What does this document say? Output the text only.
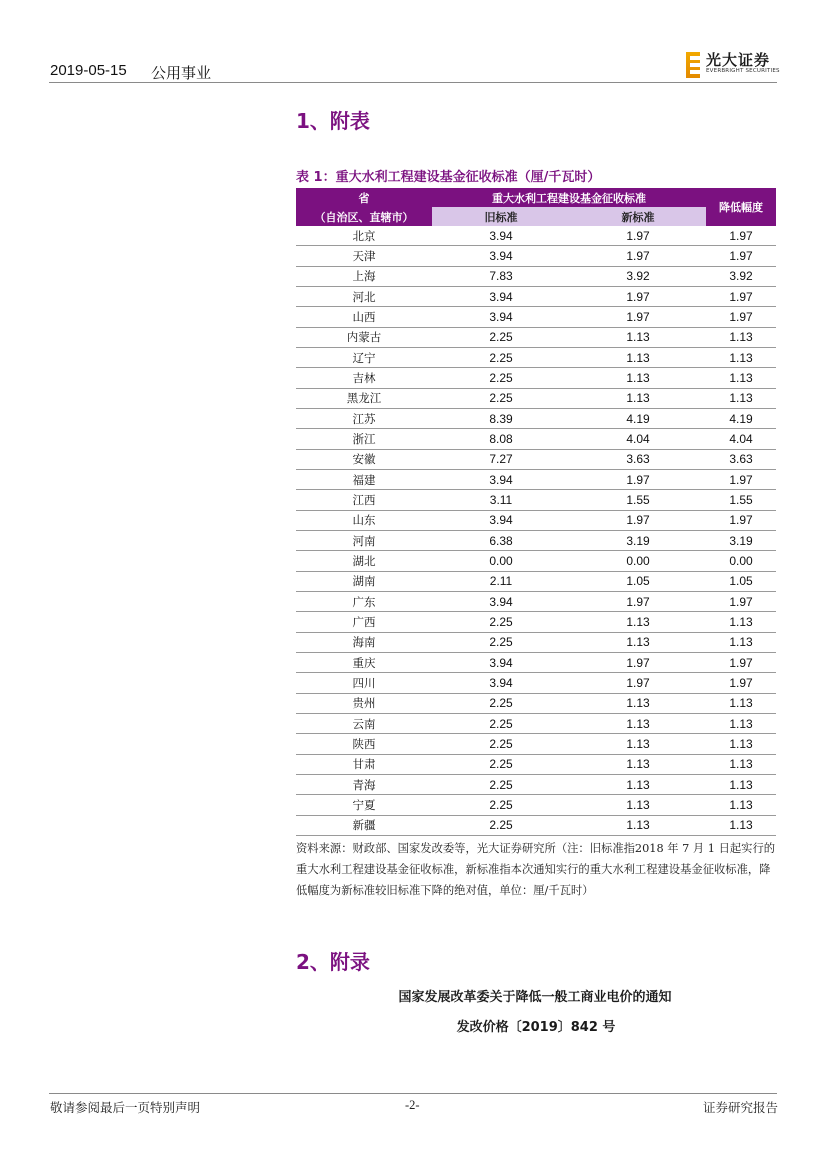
2019-05-15 公用事业
光大证券
EVERBRIGHT SECURITIES
1、附表
表 1：重大水利工程建设基金征收标准（厘/千瓦时）
省	重大水利工程建设基金征收标准		降低幅度
（自治区、直辖市）	旧标准	新标准	
北京	3.94	1.97	1.97
天津	3.94	1.97	1.97
上海	7.83	3.92	3.92
河北	3.94	1.97	1.97
山西	3.94	1.97	1.97
内蒙古	2.25	1.13	1.13
辽宁	2.25	1.13	1.13
吉林	2.25	1.13	1.13
黑龙江	2.25	1.13	1.13
江苏	8.39	4.19	4.19
浙江	8.08	4.04	4.04
安徽	7.27	3.63	3.63
福建	3.94	1.97	1.97
江西	3.11	1.55	1.55
山东	3.94	1.97	1.97
河南	6.38	3.19	3.19
湖北	0.00	0.00	0.00
湖南	2.11	1.05	1.05
广东	3.94	1.97	1.97
广西	2.25	1.13	1.13
海南	2.25	1.13	1.13
重庆	3.94	1.97	1.97
四川	3.94	1.97	1.97
贵州	2.25	1.13	1.13
云南	2.25	1.13	1.13
陕西	2.25	1.13	1.13
甘肃	2.25	1.13	1.13
青海	2.25	1.13	1.13
宁夏	2.25	1.13	1.13
新疆	2.25	1.13	1.13
资料来源：财政部、国家发改委等，光大证券研究所（注：旧标准指2018 年 7 月 1 日起实行的重大水利工程建设基金征收标准，新标准指本次通知实行的重大水利工程建设基金征收标准，降低幅度为新标准较旧标准下降的绝对值，单位：厘/千瓦时）
2、附录
国家发展改革委关于降低一般工商业电价的通知
发改价格〔2019〕842 号
敬请参阅最后一页特别声明	-2-	证券研究报告
